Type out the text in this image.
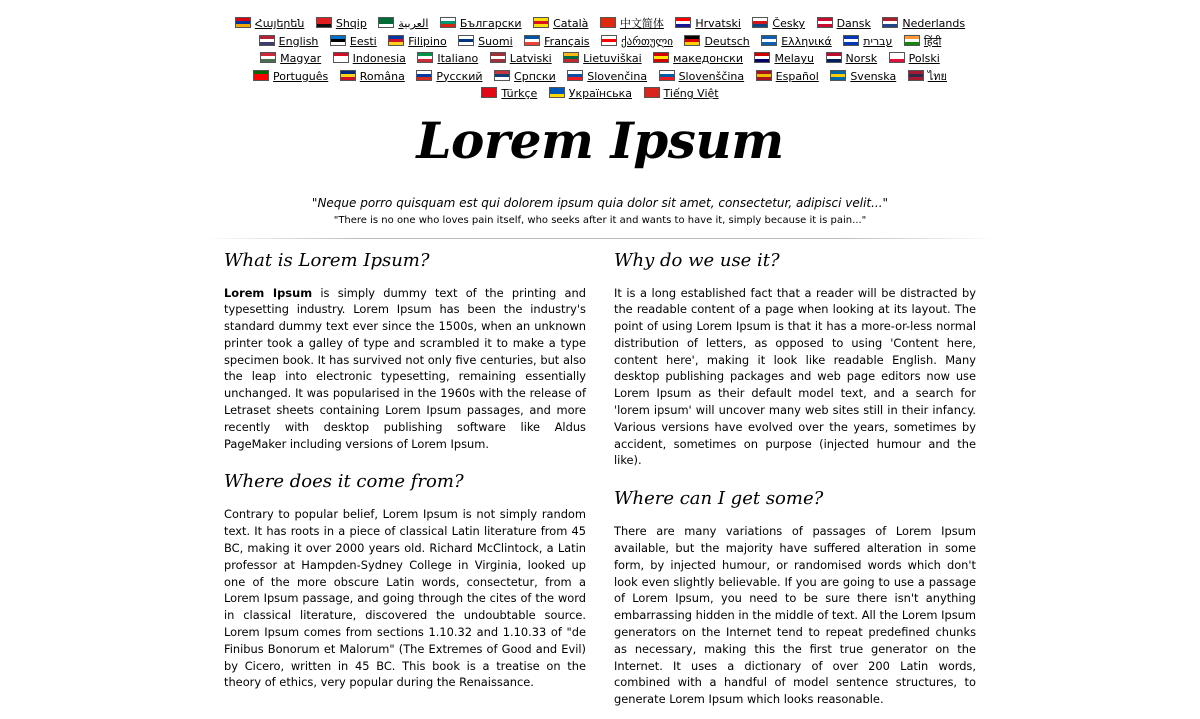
Հայերեն	Shqip	العربية	Български	Català	中文简体	Hrvatski	Česky	Dansk	Nederlands English	Eesti	Filipino	Suomi	Français	ქართული	Deutsch	Ελληνικά	עברית	हिंदी Magyar	Indonesia	Italiano	Latviski	Lietuviškai	македонски	Melayu	Norsk	Polski Português	Româna	Pусский	Српски	Slovenčina	Slovenščina	Español	Svenska	ไทย Türkçe	Українська	Tiếng Việt
Lorem Ipsum
"Neque porro quisquam est qui dolorem ipsum quia dolor sit amet, consectetur, adipisci velit..."
"There is no one who loves pain itself, who seeks after it and wants to have it, simply because it is pain..."
What is Lorem Ipsum?

Lorem Ipsum is simply dummy text of the printing and typesetting industry. Lorem Ipsum has been the industry's standard dummy text ever since the 1500s, when an unknown printer took a galley of type and scrambled it to make a type specimen book. It has survived not only five centuries, but also the leap into electronic typesetting, remaining essentially unchanged. It was popularised in the 1960s with the release of Letraset sheets containing Lorem Ipsum passages, and more recently with desktop publishing software like Aldus PageMaker including versions of Lorem Ipsum.

Where does it come from?

Contrary to popular belief, Lorem Ipsum is not simply random text. It has roots in a piece of classical Latin literature from 45 BC, making it over 2000 years old. Richard McClintock, a Latin professor at Hampden-Sydney College in Virginia, looked up one of the more obscure Latin words, consectetur, from a Lorem Ipsum passage, and going through the cites of the word in classical literature, discovered the undoubtable source. Lorem Ipsum comes from sections 1.10.32 and 1.10.33 of "de Finibus Bonorum et Malorum" (The Extremes of Good and Evil) by Cicero, written in 45 BC. This book is a treatise on the theory of ethics, very popular during the Renaissance.

Why do we use it?

It is a long established fact that a reader will be distracted by the readable content of a page when looking at its layout. The point of using Lorem Ipsum is that it has a more-or-less normal distribution of letters, as opposed to using 'Content here, content here', making it look like readable English. Many desktop publishing packages and web page editors now use Lorem Ipsum as their default model text, and a search for 'lorem ipsum' will uncover many web sites still in their infancy. Various versions have evolved over the years, sometimes by accident, sometimes on purpose (injected humour and the like).

Where can I get some?

There are many variations of passages of Lorem Ipsum available, but the majority have suffered alteration in some form, by injected humour, or randomised words which don't look even slightly believable. If you are going to use a passage of Lorem Ipsum, you need to be sure there isn't anything embarrassing hidden in the middle of text. All the Lorem Ipsum generators on the Internet tend to repeat predefined chunks as necessary, making this the first true generator on the Internet. It uses a dictionary of over 200 Latin words, combined with a handful of model sentence structures, to generate Lorem Ipsum which looks reasonable.
